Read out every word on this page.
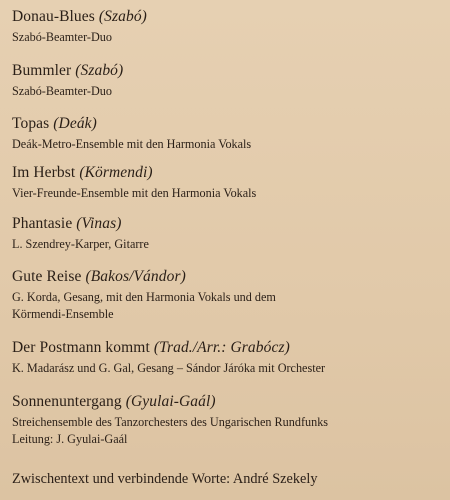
Donau-Blues (Szabó)
Szabó-Beamter-Duo
Bummler (Szabó)
Szabó-Beamter-Duo
Topas (Deák)
Deák-Metro-Ensemble mit den Harmonia Vokals
Im Herbst (Körmendi)
Vier-Freunde-Ensemble mit den Harmonia Vokals
Phantasie (Vinas)
L. Szendrey-Karper, Gitarre
Gute Reise (Bakos/Vándor)
G. Korda, Gesang, mit den Harmonia Vokals und dem
Körmendi-Ensemble
Der Postmann kommt (Trad./Arr.: Grabócz)
K. Madarász und G. Gal, Gesang – Sándor Járóka mit Orchester
Sonnenuntergang (Gyulai-Gaál)
Streichensemble des Tanzorchesters des Ungarischen Rundfunks
Leitung: J. Gyulai-Gaál
Zwischentext und verbindende Worte: André Szekely
